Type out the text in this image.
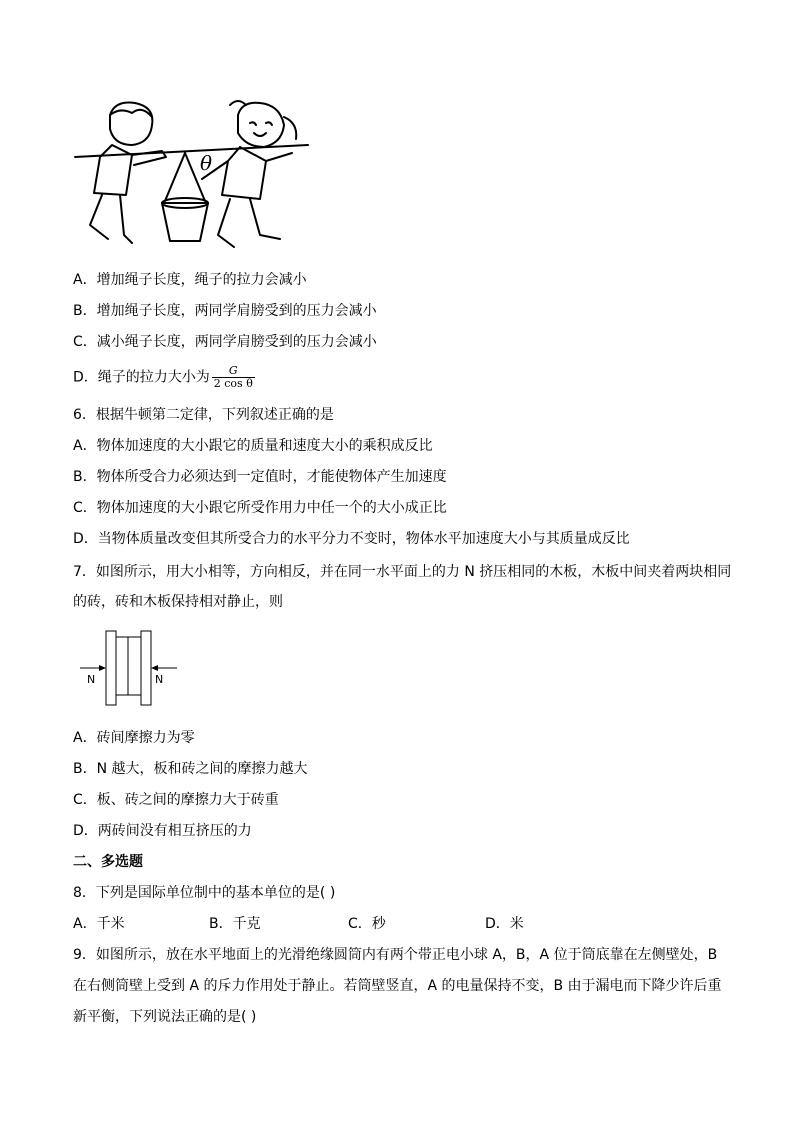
θ
A．增加绳子长度，绳子的拉力会减小
B．增加绳子长度，两同学肩膀受到的压力会减小
C．减小绳子长度，两同学肩膀受到的压力会减小
D．绳子的拉力大小为 $\frac{G}{\text{2 cos θ}}$
6．根据牛顿第二定律，下列叙述正确的是
A．物体加速度的大小跟它的质量和速度大小的乘积成反比
B．物体所受合力必须达到一定值时，才能使物体产生加速度
C．物体加速度的大小跟它所受作用力中任一个的大小成正比
D．当物体质量改变但其所受合力的水平分力不变时，物体水平加速度大小与其质量成反比
7．如图所示，用大小相等，方向相反，并在同一水平面上的力 N 挤压相同的木板，木板中间夹着两块相同
的砖，砖和木板保持相对静止，则
N	N
A．砖间摩擦力为零
B．N 越大，板和砖之间的摩擦力越大
C．板、砖之间的摩擦力大于砖重
D．两砖间没有相互挤压的力
二、多选题
8．下列是国际单位制中的基本单位的是( )
A．千米	B．千克	C．秒	D．米
9．如图所示，放在水平地面上的光滑绝缘圆筒内有两个带正电小球 A，B，A 位于筒底靠在左侧壁处，B
在右侧筒壁上受到 A 的斥力作用处于静止。若筒壁竖直，A 的电量保持不变，B 由于漏电而下降少许后重
新平衡，下列说法正确的是( )
